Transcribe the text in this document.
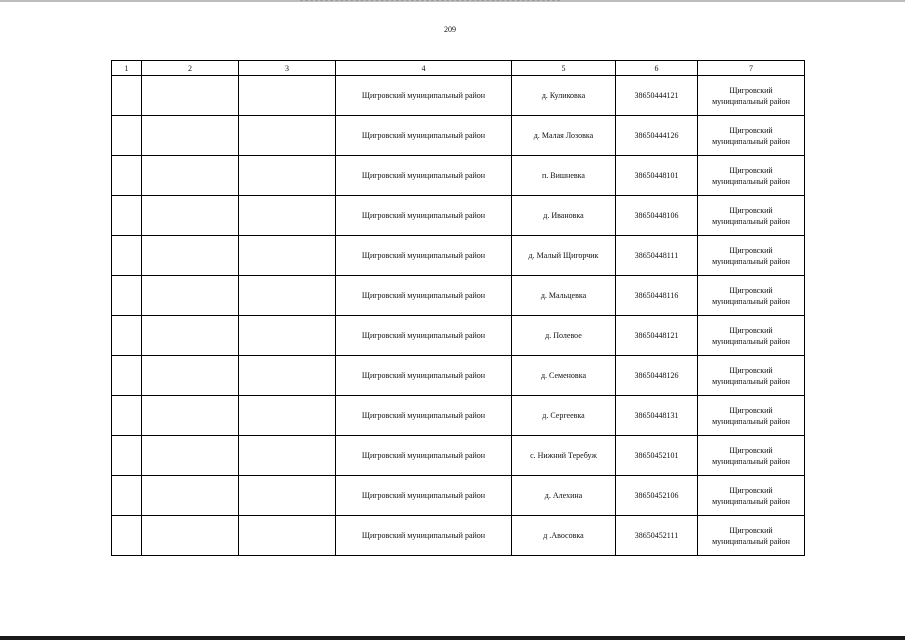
209
1	2	3	4	5	6	7
			Щигровский муниципальный район	д. Куликовка	38650444121	Щигровский муниципальный район

			Щигровский муниципальный район	д. Малая Лозовка	38650444126	Щигровский муниципальный район

			Щигровский муниципальный район	п. Вишневка	38650448101	Щигровский муниципальный район

			Щигровский муниципальный район	д. Ивановка	38650448106	Щигровский муниципальный район

			Щигровский муниципальный район	д. Малый Щигорчик	38650448111	Щигровский муниципальный район

			Щигровский муниципальный район	д. Мальцевка	38650448116	Щигровский муниципальный район

			Щигровский муниципальный район	д. Полевое	38650448121	Щигровский муниципальный район

			Щигровский муниципальный район	д. Семеновка	38650448126	Щигровский муниципальный район

			Щигровский муниципальный район	д. Сергеевка	38650448131	Щигровский муниципальный район

			Щигровский муниципальный район	с. Нижний Теребуж	38650452101	Щигровский муниципальный район

			Щигровский муниципальный район	д. Алехина	38650452106	Щигровский муниципальный район

			Щигровский муниципальный район	д .Авосовка	38650452111	Щигровский муниципальный район
